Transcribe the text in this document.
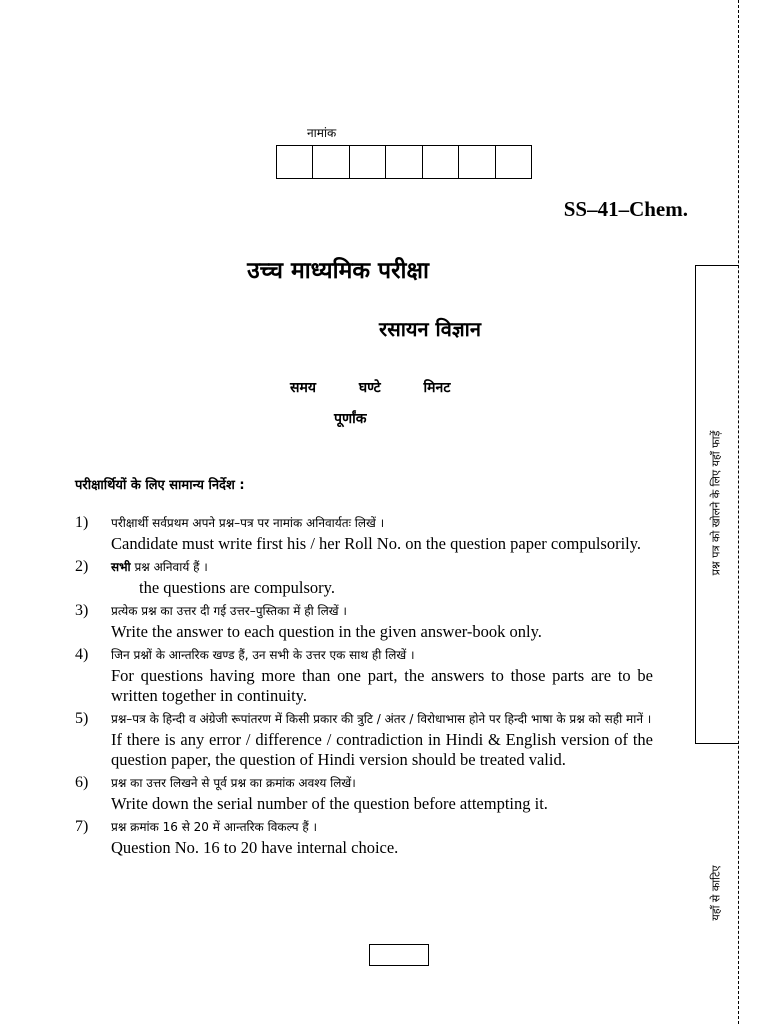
नामांक
SS–41–Chem.
उच्च माध्यमिक परीक्षा
रसायन विज्ञान
समय	घण्टे	मिनट
पूर्णांक
परीक्षार्थियों के लिए सामान्य निर्देश :
1)	परीक्षार्थी सर्वप्रथम अपने प्रश्न–पत्र पर नामांक अनिवार्यतः लिखें ।
Candidate must write first his / her Roll No. on the question paper compulsorily.
2)	सभी प्रश्न अनिवार्य हैं ।
the questions are compulsory.
3)	प्रत्येक प्रश्न का उत्तर दी गई उत्तर–पुस्तिका में ही लिखें ।
Write the answer to each question in the given answer-book only.
4)	जिन प्रश्नों के आन्तरिक खण्ड हैं, उन सभी के उत्तर एक साथ ही लिखें ।
For questions having more than one part, the answers to those parts are to be written together in continuity.
5)	प्रश्न–पत्र के हिन्दी व अंग्रेजी रूपांतरण में किसी प्रकार की त्रुटि / अंतर / विरोधाभास होने पर हिन्दी भाषा के प्रश्न को सही मानें ।
If there is any error / difference / contradiction in Hindi & English version of the question paper, the question of Hindi version should be treated valid.
6)	प्रश्न का उत्तर लिखने से पूर्व प्रश्न का क्रमांक अवश्य लिखें।
Write down the serial number of the question before attempting it.
7)	प्रश्न क्रमांक 16 से 20 में आन्तरिक विकल्प हैं ।
Question No. 16 to 20 have internal choice.
प्रश्न पत्र को खोलने के लिए यहाँ फाड़ें
यहाँ से काटिए
